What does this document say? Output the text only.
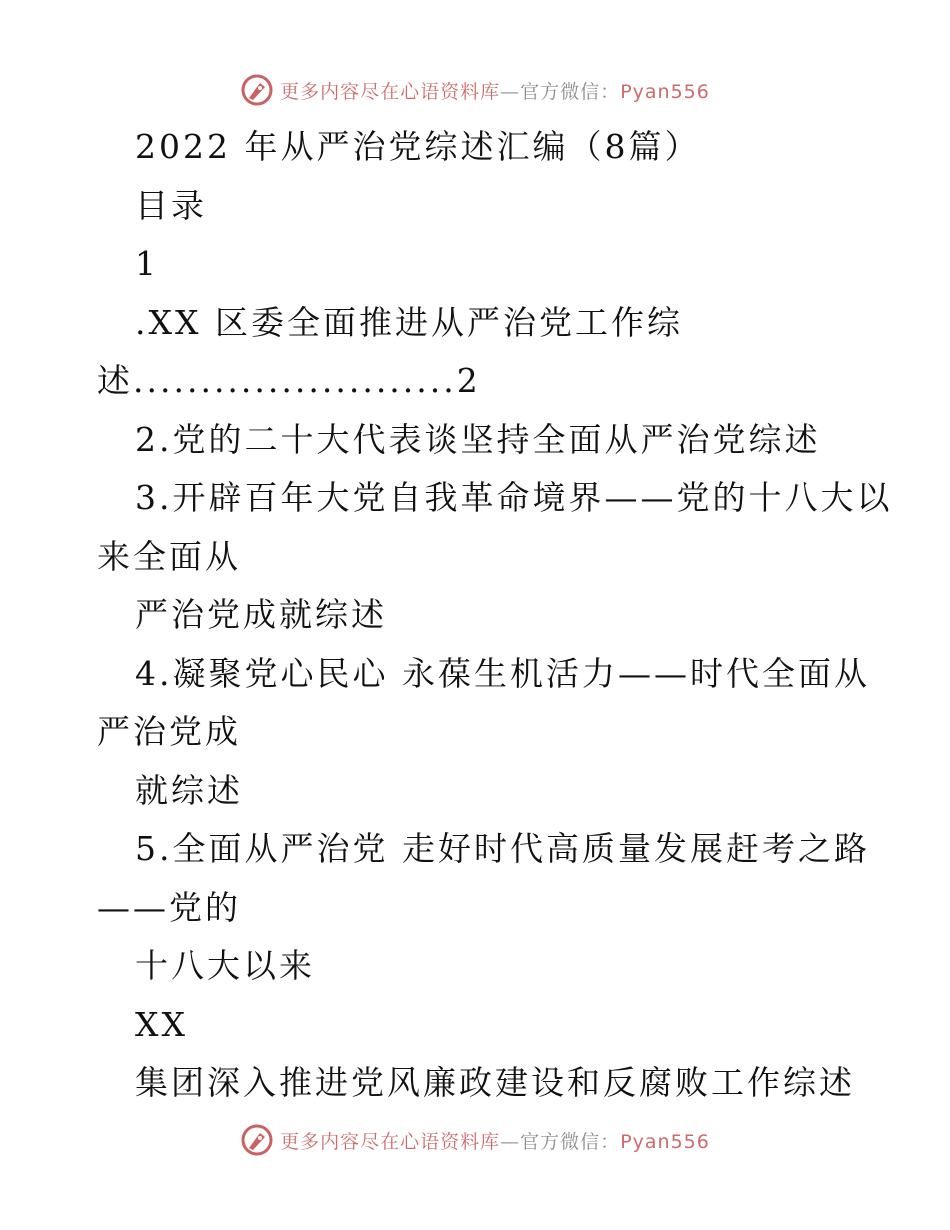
更多内容尽在心语资料库—官方微信：Pyan556
2022 年从严治党综述汇编（8篇）
目录
1
.XX 区委全面推进从严治党工作综
述........................2
2.党的二十大代表谈坚持全面从严治党综述
3.开辟百年大党自我革命境界——党的十八大以
来全面从
严治党成就综述
4.凝聚党心民心 永葆生机活力——时代全面从
严治党成
就综述
5.全面从严治党 走好时代高质量发展赶考之路
——党的
十八大以来
XX
集团深入推进党风廉政建设和反腐败工作综述
更多内容尽在心语资料库—官方微信：Pyan556
